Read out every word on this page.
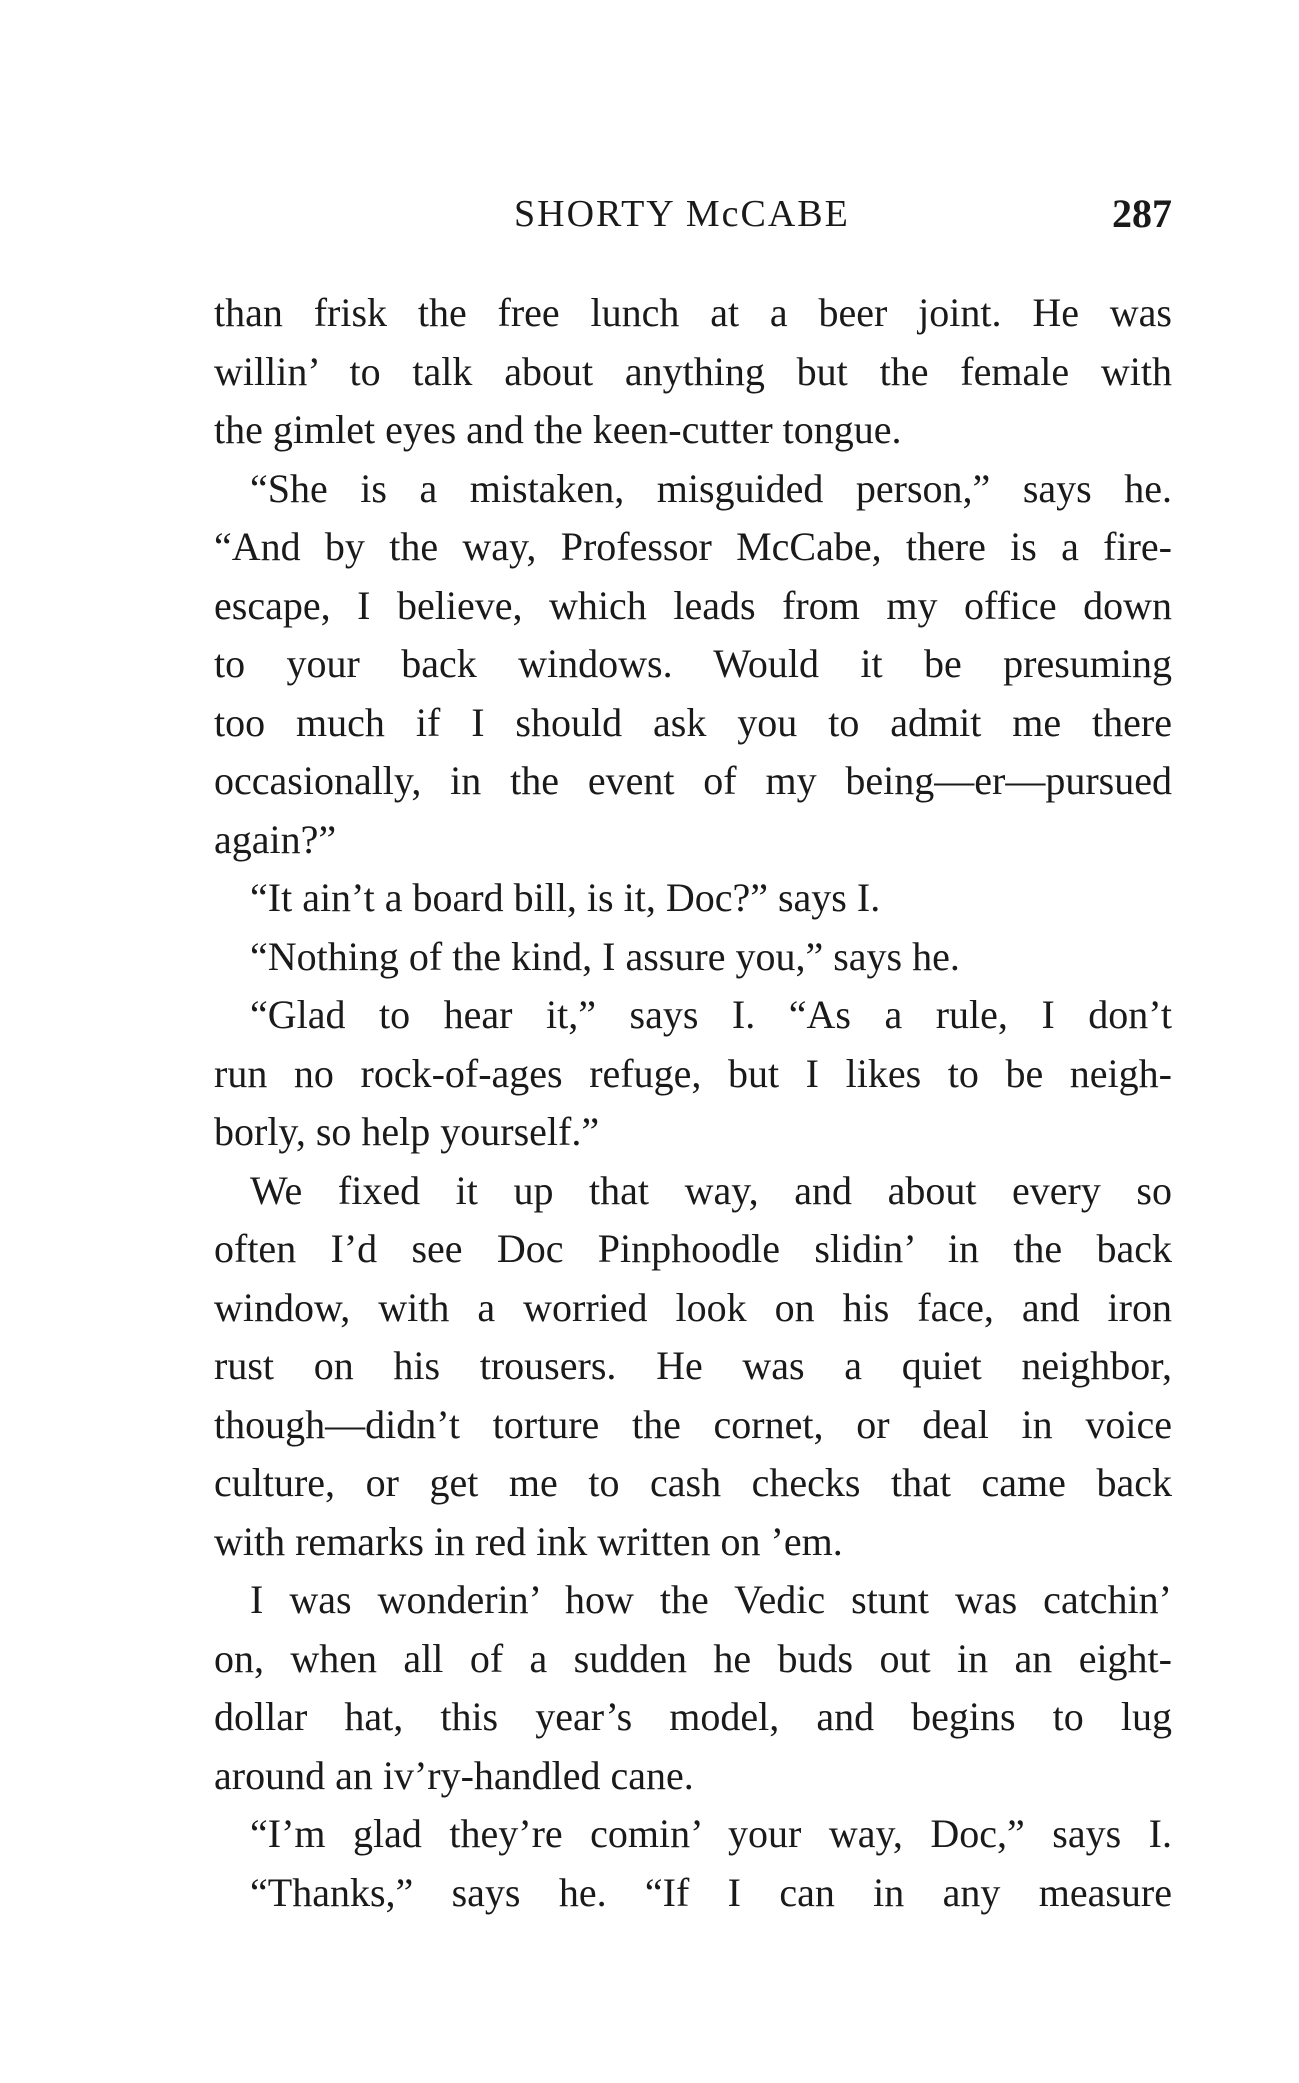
SHORTY McCABE	287
than frisk the free lunch at a beer joint. He was
willin’ to talk about anything but the female with
the gimlet eyes and the keen-cutter tongue.
“She is a mistaken, misguided person,” says he.
“And by the way, Professor McCabe, there is a fire-
escape, I believe, which leads from my office down
to your back windows. Would it be presuming
too much if I should ask you to admit me there
occasionally, in the event of my being—er—pursued
again?”
“It ain’t a board bill, is it, Doc?” says I.
“Nothing of the kind, I assure you,” says he.
“Glad to hear it,” says I. “As a rule, I don’t
run no rock-of-ages refuge, but I likes to be neigh-
borly, so help yourself.”
We fixed it up that way, and about every so
often I’d see Doc Pinphoodle slidin’ in the back
window, with a worried look on his face, and iron
rust on his trousers. He was a quiet neighbor,
though—didn’t torture the cornet, or deal in voice
culture, or get me to cash checks that came back
with remarks in red ink written on ’em.
I was wonderin’ how the Vedic stunt was catchin’
on, when all of a sudden he buds out in an eight-
dollar hat, this year’s model, and begins to lug
around an iv’ry-handled cane.
“I’m glad they’re comin’ your way, Doc,” says I.
“Thanks,” says he. “If I can in any measure
